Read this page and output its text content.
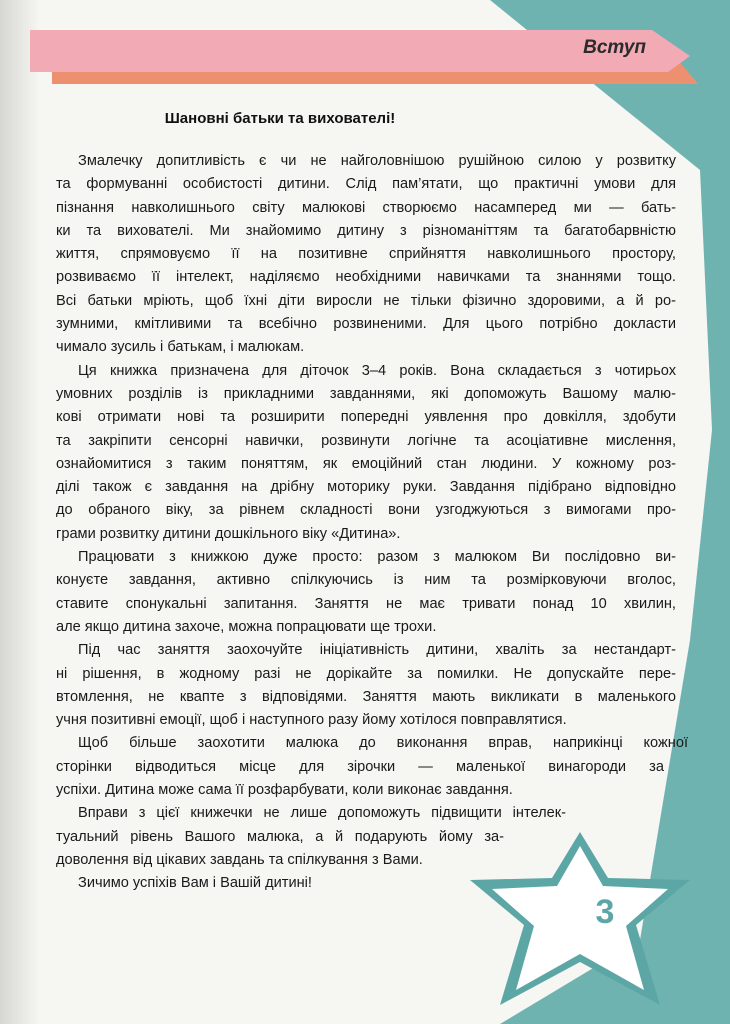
Вступ
Шановні батьки та вихователі!
Змалечку допитливість є чи не найголовнішою рушійною силою у розвитку
та формуванні особистості дитини. Слід пам’ятати, що практичні умови для
пізнання навколишнього світу малюкові створюємо насамперед ми — бать-
ки та вихователі. Ми знайомимо дитину з різноманіттям та багатобарвністю
життя, спрямовуємо її на позитивне сприйняття навколишнього простору,
розвиваємо її інтелект, наділяємо необхідними навичками та знаннями тощо.
Всі батьки мріють, щоб їхні діти виросли не тільки фізично здоровими, а й ро-
зумними, кмітливими та всебічно розвиненими. Для цього потрібно докласти
чимало зусиль і батькам, і малюкам.
Ця книжка призначена для діточок 3–4 років. Вона складається з чотирьох
умовних розділів із прикладними завданнями, які допоможуть Вашому малю-
кові отримати нові та розширити попередні уявлення про довкілля, здобути
та закріпити сенсорні навички, розвинути логічне та асоціативне мислення,
ознайомитися з таким поняттям, як емоційний стан людини. У кожному роз-
ділі також є завдання на дрібну моторику руки. Завдання підібрано відповідно
до обраного віку, за рівнем складності вони узгоджуються з вимогами про-
грами розвитку дитини дошкільного віку «Дитина».
Працювати з книжкою дуже просто: разом з малюком Ви послідовно ви-
конуєте завдання, активно спілкуючись із ним та розмірковуючи вголос,
ставите спонукальні запитання. Заняття не має тривати понад 10 хвилин,
але якщо дитина захоче, можна попрацювати ще трохи.
Під час заняття заохочуйте ініціативність дитини, хваліть за нестандарт-
ні рішення, в жодному разі не дорікайте за помилки. Не допускайте пере-
втомлення, не квапте з відповідями. Заняття мають викликати в маленького
учня позитивні емоції, щоб і наступного разу йому хотілося повправлятися.
Щоб більше заохотити малюка до виконання вправ, наприкінці кожної
сторінки відводиться місце для зірочки — маленької винагороди за
успіхи. Дитина може сама її розфарбувати, коли виконає завдання.
Вправи з цієї книжечки не лише допоможуть підвищити інтелек-
туальний рівень Вашого малюка, а й подарують йому за-
доволення від цікавих завдань та спілкування з Вами.
Зичимо успіхів Вам і Вашій дитині!
3
